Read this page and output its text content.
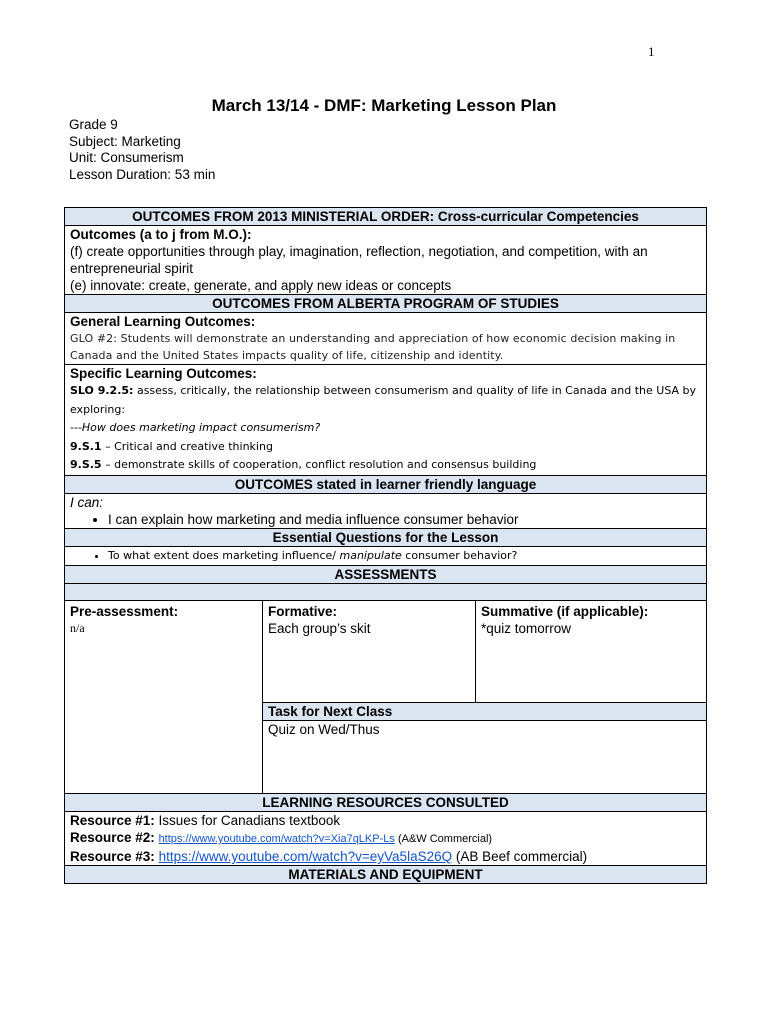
1
March 13/14 - DMF: Marketing Lesson Plan
Grade 9
Subject: Marketing
Unit: Consumerism
Lesson Duration: 53 min
OUTCOMES FROM 2013 MINISTERIAL ORDER: Cross-curricular Competencies

Outcomes (a to j from M.O.):
(f) create opportunities through play, imagination, reflection, negotiation, and competition, with an entrepreneurial spirit
(e) innovate: create, generate, and apply new ideas or concepts

OUTCOMES FROM ALBERTA PROGRAM OF STUDIES

General Learning Outcomes:
GLO #2: Students will demonstrate an understanding and appreciation of how economic decision making in Canada and the United States impacts quality of life, citizenship and identity.

Specific Learning Outcomes:
SLO 9.2.5: assess, critically, the relationship between consumerism and quality of life in Canada and the USA by exploring:
---How does marketing impact consumerism?
9.S.1 – Critical and creative thinking
9.S.5 – demonstrate skills of cooperation, conflict resolution and consensus building

OUTCOMES stated in learner friendly language

I can:
• I can explain how marketing and media influence consumer behavior

Essential Questions for the Lesson

• To what extent does marketing influence/ manipulate consumer behavior?

ASSESSMENTS

Pre-assessment:
n/a

Formative:
Each group’s skit

Summative (if applicable):
*quiz tomorrow

Task for Next Class
Quiz on Wed/Thus

LEARNING RESOURCES CONSULTED

Resource #1: Issues for Canadians textbook
Resource #2: https://www.youtube.com/watch?v=Xia7qLKP-Ls (A&W Commercial)
Resource #3: https://www.youtube.com/watch?v=eyVa5laS26Q (AB Beef commercial)

MATERIALS AND EQUIPMENT
